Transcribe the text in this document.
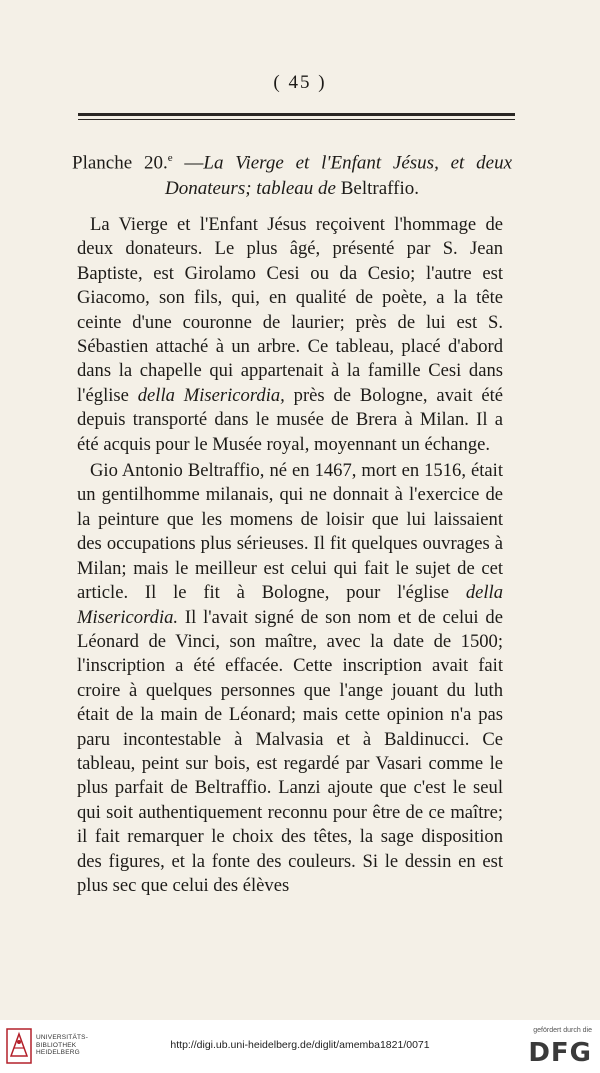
( 45 )
Planche 20.$^e$ —La Vierge et l'Enfant Jésus, et deux
Donateurs; tableau de Beltraffio.

La Vierge et l'Enfant Jésus reçoivent l'hommage de deux donateurs. Le plus âgé, présenté par S. Jean Baptiste, est Girolamo Cesi ou da Cesio; l'autre est Giacomo, son fils, qui, en qualité de poète, a la tête ceinte d'une couronne de laurier; près de lui est S. Sébastien attaché à un arbre. Ce tableau, placé d'abord dans la chapelle qui appartenait à la famille Cesi dans l'église della Misericordia, près de Bologne, avait été depuis transporté dans le musée de Brera à Milan. Il a été acquis pour le Musée royal, moyennant un échange.

Gio Antonio Beltraffio, né en 1467, mort en 1516, était un gentilhomme milanais, qui ne donnait à l'exercice de la peinture que les momens de loisir que lui laissaient des occupations plus sérieuses. Il fit quelques ouvrages à Milan; mais le meilleur est celui qui fait le sujet de cet article. Il le fit à Bologne, pour l'église della Misericordia. Il l'avait signé de son nom et de celui de Léonard de Vinci, son maître, avec la date de 1500; l'inscription a été effacée. Cette inscription avait fait croire à quelques personnes que l'ange jouant du luth était de la main de Léonard; mais cette opinion n'a pas paru incontestable à Malvasia et à Baldinucci. Ce tableau, peint sur bois, est regardé par Vasari comme le plus parfait de Beltraffio. Lanzi ajoute que c'est le seul qui soit authentiquement reconnu pour être de ce maître; il fait remarquer le choix des têtes, la sage disposition des figures, et la fonte des couleurs. Si le dessin en est plus sec que celui des élèves

UNIVERSITÄTS-
BIBLIOTHEK
HEIDELBERG
http://digi.ub.uni-heidelberg.de/diglit/amemba1821/0071
gefördert durch die
DFG
